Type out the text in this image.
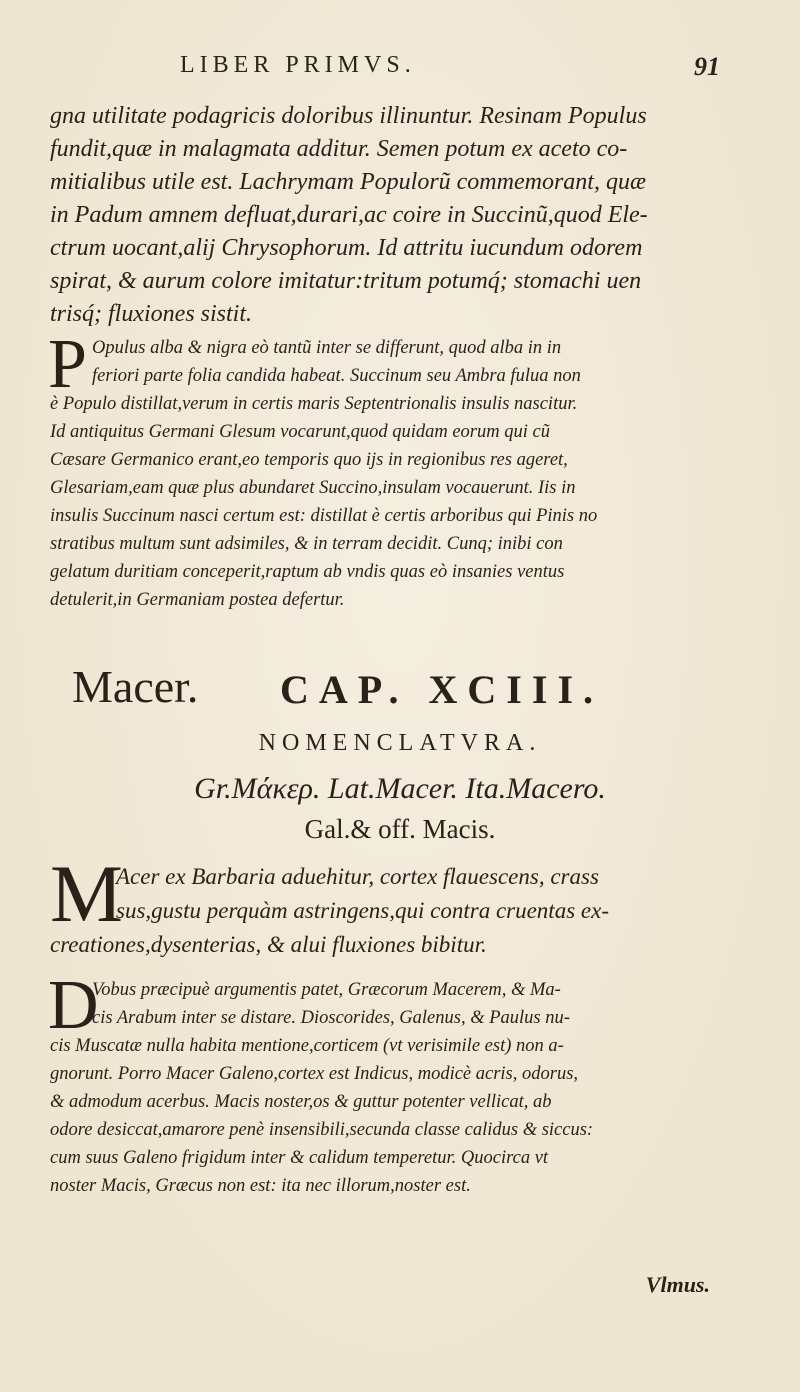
LIBER PRIMVS.	91
gna utilitate podagricis doloribus illinuntur. Resinam Populus
fundit,quæ in malagmata additur. Semen potum ex aceto co-
mitialibus utile est. Lachrymam Populorũ commemorant, quæ
in Padum amnem defluat,durari,ac coire in Succinũ,quod Ele-
ctrum uocant,alij Chrysophorum. Id attritu iucundum odorem
spirat, & aurum colore imitatur:tritum potumq́; stomachi uen
trisq́; fluxiones sistit.
P Opulus alba & nigra eò tantũ inter se differunt, quod alba in in
feriori parte folia candida habeat. Succinum seu Ambra fulua non
è Populo distillat,verum in certis maris Septentrionalis insulis nascitur.
Id antiquitus Germani Glesum vocarunt,quod quidam eorum qui cũ
Cæsare Germanico erant,eo temporis quo ijs in regionibus res ageret,
Glesariam,eam quæ plus abundaret Succino,insulam vocauerunt. Iis in
insulis Succinum nasci certum est: distillat è certis arboribus qui Pinis no
stratibus multum sunt adsimiles, & in terram decidit. Cunq; inibi con
gelatum duritiam conceperit,raptum ab vndis quas eò insanies ventus
detulerit,in Germaniam postea defertur.
Macer. CAP. XCIII.
NOMENCLATVRA.
Gr.Μάκερ. Lat.Macer. Ita.Macero.
Gal.& off. Macis.
M
Acer ex Barbaria aduehitur, cortex flauescens, crass
sus,gustu perquàm astringens,qui contra cruentas ex-
creationes,dysenterias, & alui fluxiones bibitur.
D
Vobus præcipuè argumentis patet, Græcorum Macerem, & Ma-
cis Arabum inter se distare. Dioscorides, Galenus, & Paulus nu-
cis Muscatæ nulla habita mentione,corticem (vt verisimile est) non a-
gnorunt. Porro Macer Galeno,cortex est Indicus, modicè acris, odorus,
& admodum acerbus. Macis noster,os & guttur potenter vellicat, ab
odore desiccat,amarore penè insensibili,secunda classe calidus & siccus:
cum suus Galeno frigidum inter & calidum temperetur. Quocirca vt
noster Macis, Græcus non est: ita nec illorum,noster est.
Vlmus.
